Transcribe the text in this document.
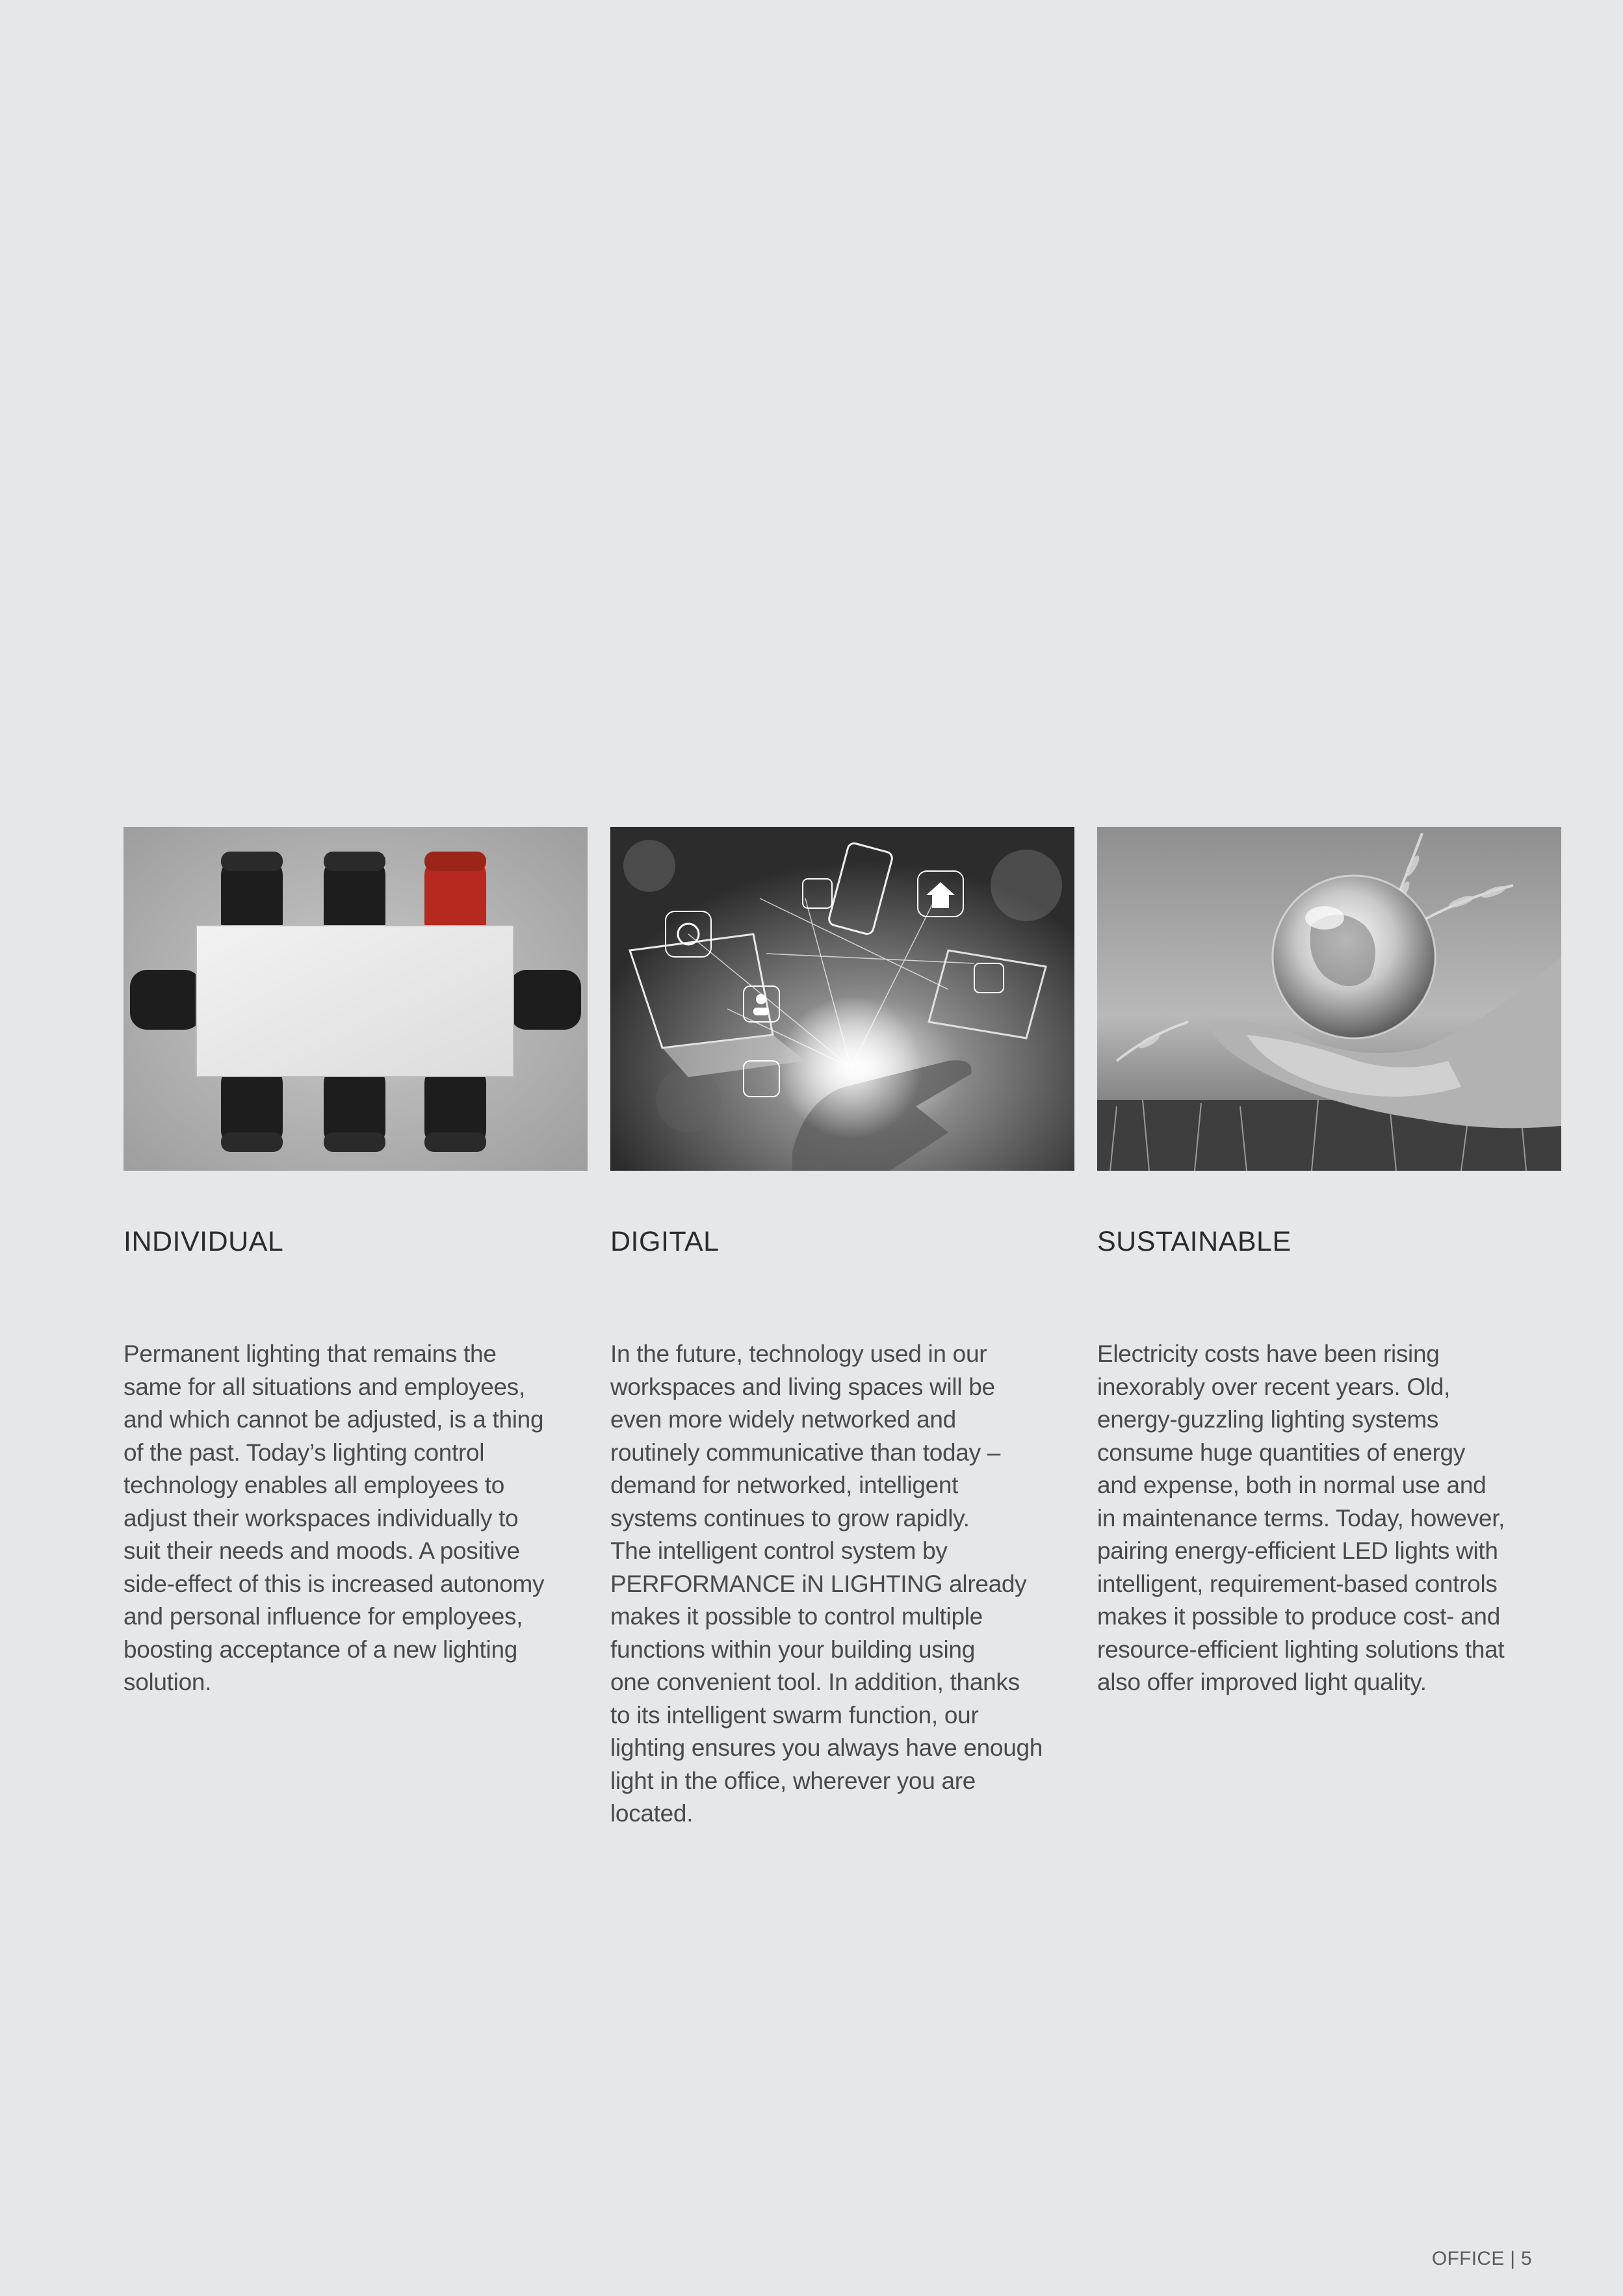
INDIVIDUAL
Permanent lighting that remains the
same for all situations and employees,
and which cannot be adjusted, is a thing
of the past. Today’s lighting control
technology enables all employees to
adjust their workspaces individually to
suit their needs and moods. A positive
side-effect of this is increased autonomy
and personal influence for employees,
boosting acceptance of a new lighting
solution.
DIGITAL
In the future, technology used in our
workspaces and living spaces will be
even more widely networked and
routinely communicative than today –
demand for networked, intelligent
systems continues to grow rapidly.
The intelligent control system by
PERFORMANCE iN LIGHTING already
makes it possible to control multiple
functions within your building using
one convenient tool. In addition, thanks
to its intelligent swarm function, our
lighting ensures you always have enough
light in the office, wherever you are
located.
SUSTAINABLE
Electricity costs have been rising
inexorably over recent years. Old,
energy-guzzling lighting systems
consume huge quantities of energy
and expense, both in normal use and
in maintenance terms. Today, however,
pairing energy-efficient LED lights with
intelligent, requirement-based controls
makes it possible to produce cost- and
resource-efficient lighting solutions that
also offer improved light quality.
OFFICE | 5
